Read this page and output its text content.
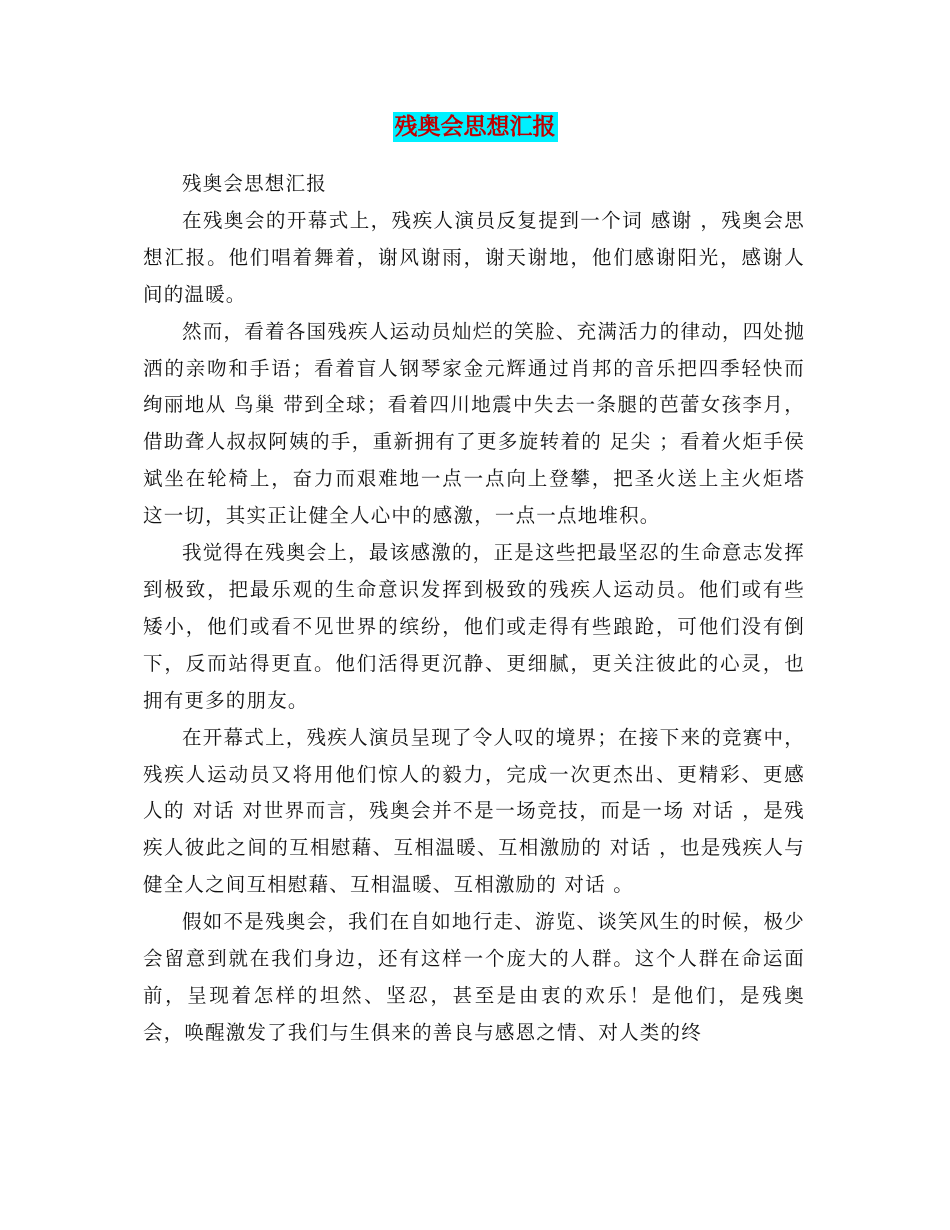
残奥会思想汇报

残奥会思想汇报

在残奥会的开幕式上，残疾人演员反复提到一个词 感谢 ，残奥会思想汇报。他们唱着舞着，谢风谢雨，谢天谢地，他们感谢阳光，感谢人间的温暖。

然而，看着各国残疾人运动员灿烂的笑脸、充满活力的律动，四处抛洒的亲吻和手语；看着盲人钢琴家金元辉通过肖邦的音乐把四季轻快而绚丽地从 鸟巢 带到全球；看着四川地震中失去一条腿的芭蕾女孩李月，借助聋人叔叔阿姨的手，重新拥有了更多旋转着的 足尖 ；看着火炬手侯斌坐在轮椅上，奋力而艰难地一点一点向上登攀，把圣火送上主火炬塔 这一切，其实正让健全人心中的感激，一点一点地堆积。

我觉得在残奥会上，最该感激的，正是这些把最坚忍的生命意志发挥到极致，把最乐观的生命意识发挥到极致的残疾人运动员。他们或有些矮小，他们或看不见世界的缤纷，他们或走得有些踉跄，可他们没有倒下，反而站得更直。他们活得更沉静、更细腻，更关注彼此的心灵，也拥有更多的朋友。

在开幕式上，残疾人演员呈现了令人叹的境界；在接下来的竞赛中，残疾人运动员又将用他们惊人的毅力，完成一次更杰出、更精彩、更感人的 对话 对世界而言，残奥会并不是一场竞技，而是一场 对话 ，是残疾人彼此之间的互相慰藉、互相温暖、互相激励的 对话 ，也是残疾人与健全人之间互相慰藉、互相温暖、互相激励的 对话 。

假如不是残奥会，我们在自如地行走、游览、谈笑风生的时候，极少会留意到就在我们身边，还有这样一个庞大的人群。这个人群在命运面前，呈现着怎样的坦然、坚忍，甚至是由衷的欢乐！是他们，是残奥会，唤醒激发了我们与生俱来的善良与感恩之情、对人类的终
